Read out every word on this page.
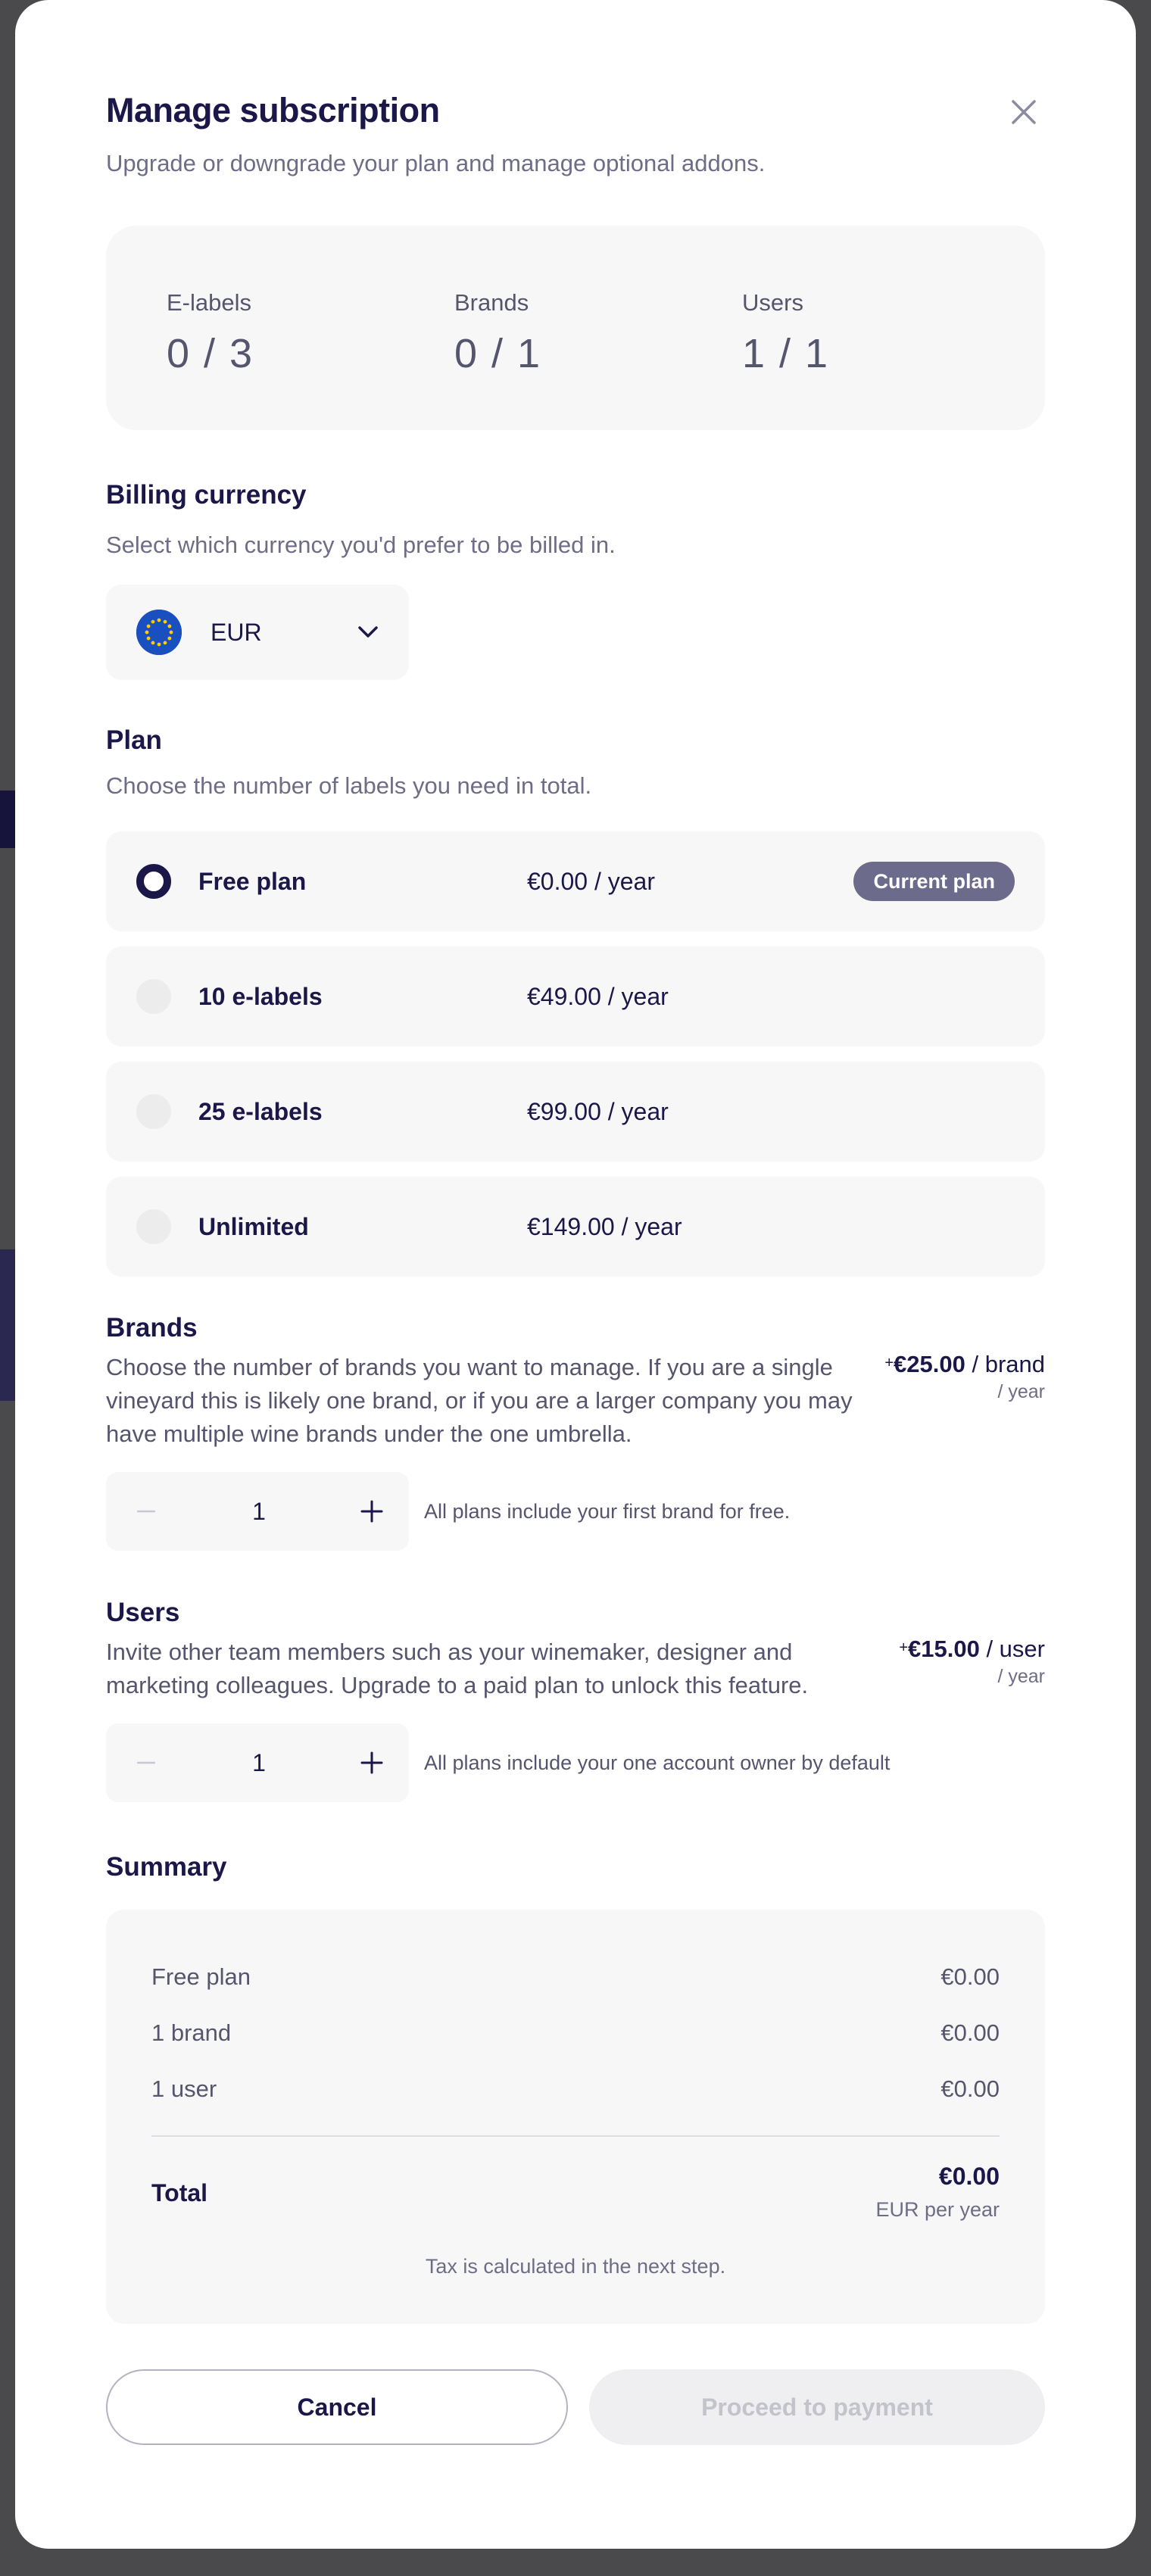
Manage subscription

Upgrade or downgrade your plan and manage optional addons.

E-labels
0 / 3
Brands
0 / 1
Users
1 / 1
Billing currency
Select which currency you'd prefer to be billed in.
EUR
Plan
Choose the number of labels you need in total.
Free plan	€0.00 / year	Current plan
10 e-labels	€49.00 / year
25 e-labels	€99.00 / year
Unlimited	€149.00 / year
Brands
Choose the number of brands you want to manage. If you are a single vineyard this is likely one brand, or if you are a larger company you may have multiple wine brands under the one umbrella.
+€25.00 / brand
/ year
1	All plans include your first brand for free.
Users
Invite other team members such as your winemaker, designer and marketing colleagues. Upgrade to a paid plan to unlock this feature.
+€15.00 / user
/ year
1	All plans include your one account owner by default
Summary
Free plan	€0.00
1 brand	€0.00
1 user	€0.00
Total
€0.00
EUR per year
Tax is calculated in the next step.
Cancel	Proceed to payment
